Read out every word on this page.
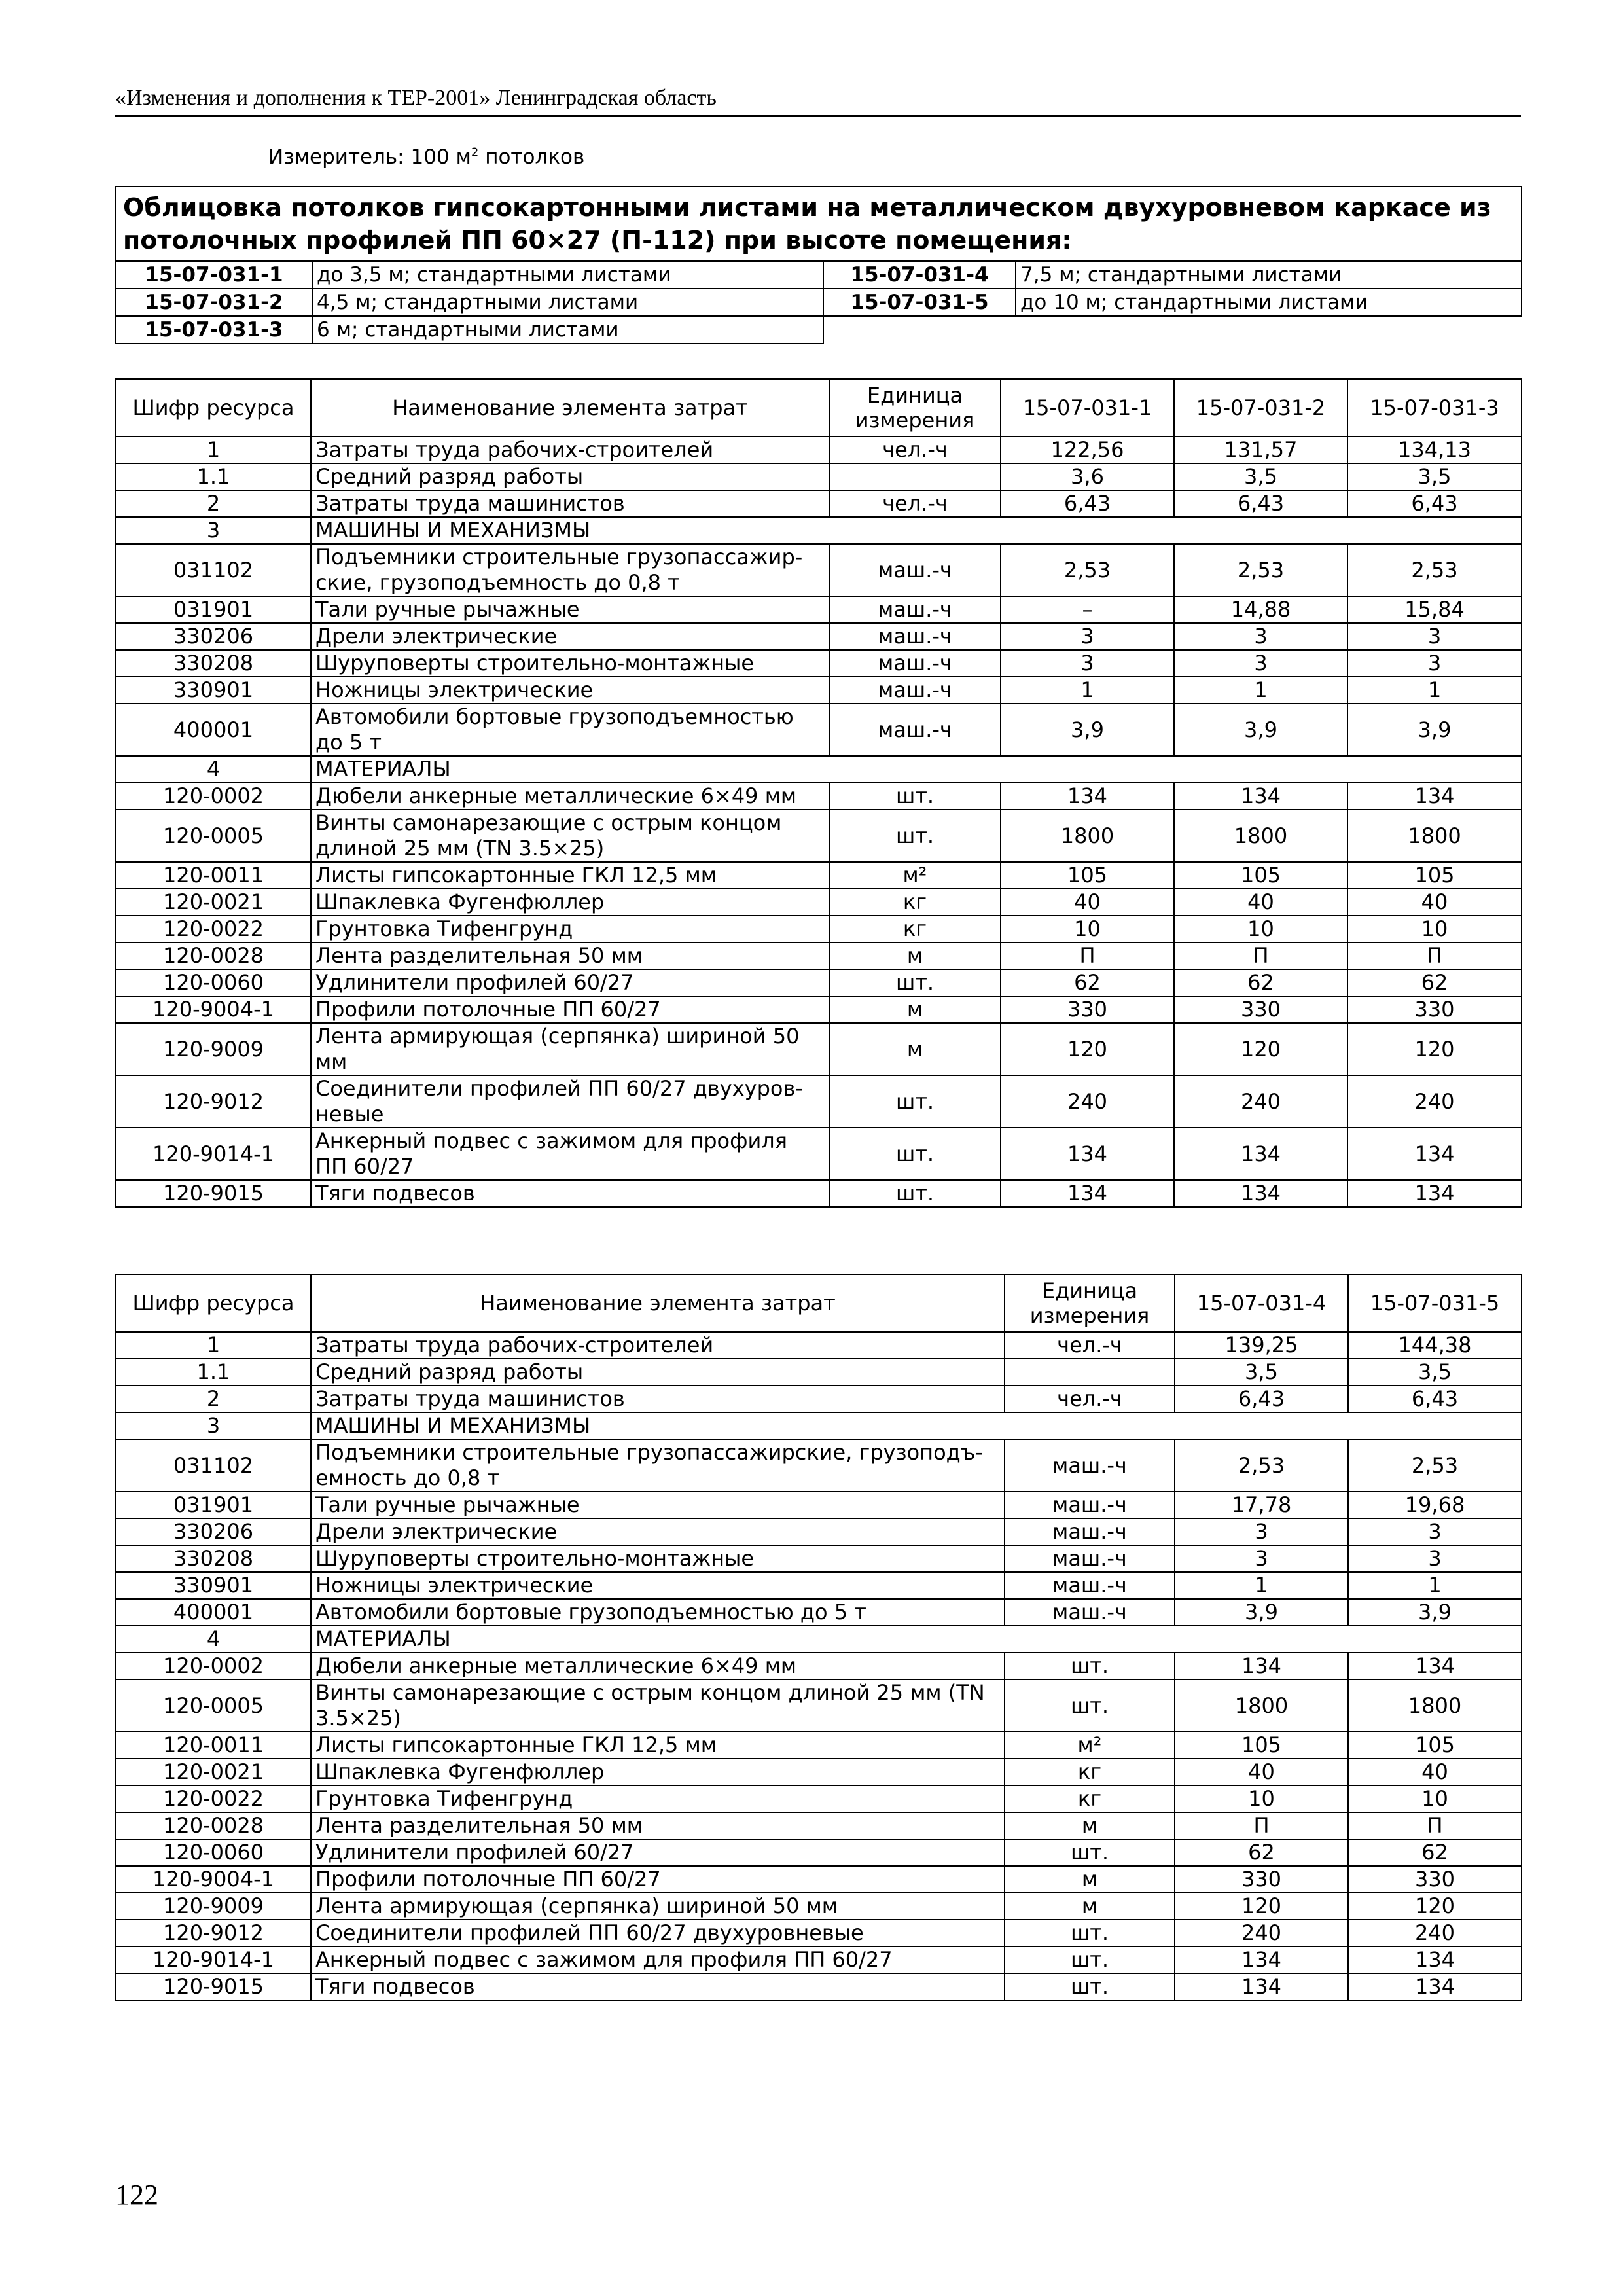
«Изменения и дополнения к ТЕР-2001» Ленинградская область
Измеритель: 100 $м^2$ потолков
Облицовка потолков гипсокартонными листами на металлическом двухуровневом каркасе из потолочных профилей ПП 60×27 (П-112) при высоте помещения:			
15-07-031-1	до 3,5 м; стандартными листами	15-07-031-4	7,5 м; стандартными листами
15-07-031-2	4,5 м; стандартными листами	15-07-031-5	до 10 м; стандартными листами
15-07-031-3	6 м; стандартными листами		
Шифр ресурса	Наименование элемента затрат	Единица измерения	15-07-031-1	15-07-031-2	15-07-031-3
1	Затраты труда рабочих-строителей	чел.-ч	122,56	131,57	134,13
1.1	Средний разряд работы		3,6	3,5	3,5
2	Затраты труда машинистов	чел.-ч	6,43	6,43	6,43
3	МАШИНЫ И МЕХАНИЗМЫ				
031102	Подъемники строительные грузопассажир-ские, грузоподъемность до 0,8 т	маш.-ч	2,53	2,53	2,53
031901	Тали ручные рычажные	маш.-ч	–	14,88	15,84
330206	Дрели электрические	маш.-ч	3	3	3
330208	Шуруповерты строительно-монтажные	маш.-ч	3	3	3
330901	Ножницы электрические	маш.-ч	1	1	1
400001	Автомобили бортовые грузоподъемностью до 5 т	маш.-ч	3,9	3,9	3,9
4	МАТЕРИАЛЫ				
120-0002	Дюбели анкерные металлические 6×49 мм	шт.	134	134	134
120-0005	Винты самонарезающие с острым концом длиной 25 мм (TN 3.5×25)	шт.	1800	1800	1800
120-0011	Листы гипсокартонные ГКЛ 12,5 мм	м²	105	105	105
120-0021	Шпаклевка Фугенфюллер	кг	40	40	40
120-0022	Грунтовка Тифенгрунд	кг	10	10	10
120-0028	Лента разделительная 50 мм	м	П	П	П
120-0060	Удлинители профилей 60/27	шт.	62	62	62
120-9004-1	Профили потолочные ПП 60/27	м	330	330	330
120-9009	Лента армирующая (серпянка) шириной 50 мм	м	120	120	120
120-9012	Соединители профилей ПП 60/27 двухуров-невые	шт.	240	240	240
120-9014-1	Анкерный подвес с зажимом для профиля ПП 60/27	шт.	134	134	134
120-9015	Тяги подвесов	шт.	134	134	134
Шифр ресурса	Наименование элемента затрат	Единица измерения	15-07-031-4	15-07-031-5
1	Затраты труда рабочих-строителей	чел.-ч	139,25	144,38
1.1	Средний разряд работы		3,5	3,5
2	Затраты труда машинистов	чел.-ч	6,43	6,43
3	МАШИНЫ И МЕХАНИЗМЫ			
031102	Подъемники строительные грузопассажирские, грузоподъ-емность до 0,8 т	маш.-ч	2,53	2,53
031901	Тали ручные рычажные	маш.-ч	17,78	19,68
330206	Дрели электрические	маш.-ч	3	3
330208	Шуруповерты строительно-монтажные	маш.-ч	3	3
330901	Ножницы электрические	маш.-ч	1	1
400001	Автомобили бортовые грузоподъемностью до 5 т	маш.-ч	3,9	3,9
4	МАТЕРИАЛЫ			
120-0002	Дюбели анкерные металлические 6×49 мм	шт.	134	134
120-0005	Винты самонарезающие с острым концом длиной 25 мм (TN 3.5×25)	шт.	1800	1800
120-0011	Листы гипсокартонные ГКЛ 12,5 мм	м²	105	105
120-0021	Шпаклевка Фугенфюллер	кг	40	40
120-0022	Грунтовка Тифенгрунд	кг	10	10
120-0028	Лента разделительная 50 мм	м	П	П
120-0060	Удлинители профилей 60/27	шт.	62	62
120-9004-1	Профили потолочные ПП 60/27	м	330	330
120-9009	Лента армирующая (серпянка) шириной 50 мм	м	120	120
120-9012	Соединители профилей ПП 60/27 двухуровневые	шт.	240	240
120-9014-1	Анкерный подвес с зажимом для профиля ПП 60/27	шт.	134	134
120-9015	Тяги подвесов	шт.	134	134
122
